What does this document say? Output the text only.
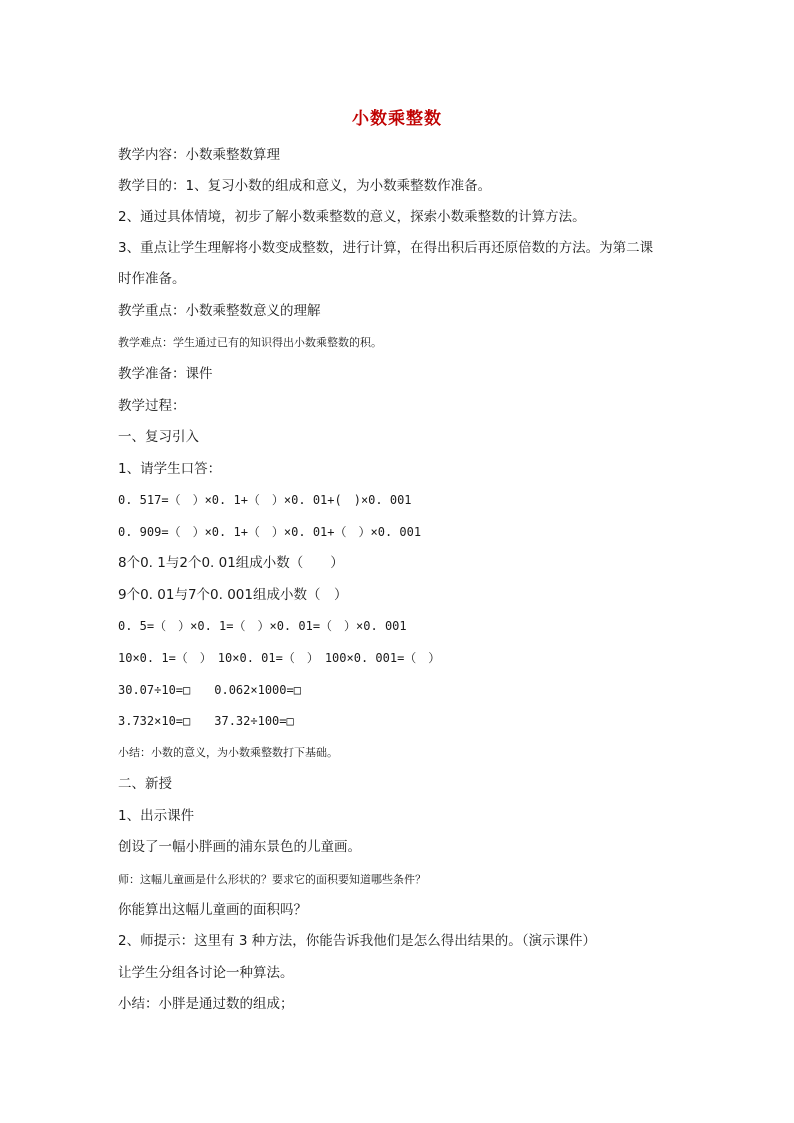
小数乘整数
教学内容：小数乘整数算理
教学目的：1、复习小数的组成和意义，为小数乘整数作准备。
2、通过具体情境，初步了解小数乘整数的意义，探索小数乘整数的计算方法。
3、重点让学生理解将小数变成整数，进行计算，在得出积后再还原倍数的方法。为第二课
时作准备。
教学重点：小数乘整数意义的理解
教学难点：学生通过已有的知识得出小数乘整数的积。
教学准备：课件
教学过程：
一、复习引入
1、请学生口答：
0. 517=（　）×0. 1+（　）×0. 01+(　)×0. 001
0. 909=（　）×0. 1+（　）×0. 01+（　）×0. 001
8个0. 1与2个0. 01组成小数（　　）
9个0. 01与7个0. 001组成小数（　）
0. 5=（　）×0. 1=（　）×0. 01=（　）×0. 001
10×0. 1=（　）　10×0. 01=（　）　100×0. 001=（　）
30.07÷10=□　　0.062×1000=□
3.732×10=□　　37.32÷100=□
小结：小数的意义，为小数乘整数打下基础。
二、新授
1、出示课件
创设了一幅小胖画的浦东景色的儿童画。
师：这幅儿童画是什么形状的？要求它的面积要知道哪些条件？
你能算出这幅儿童画的面积吗？
2、师提示：这里有 3 种方法，你能告诉我他们是怎么得出结果的。（演示课件）
让学生分组各讨论一种算法。
小结：小胖是通过数的组成；
